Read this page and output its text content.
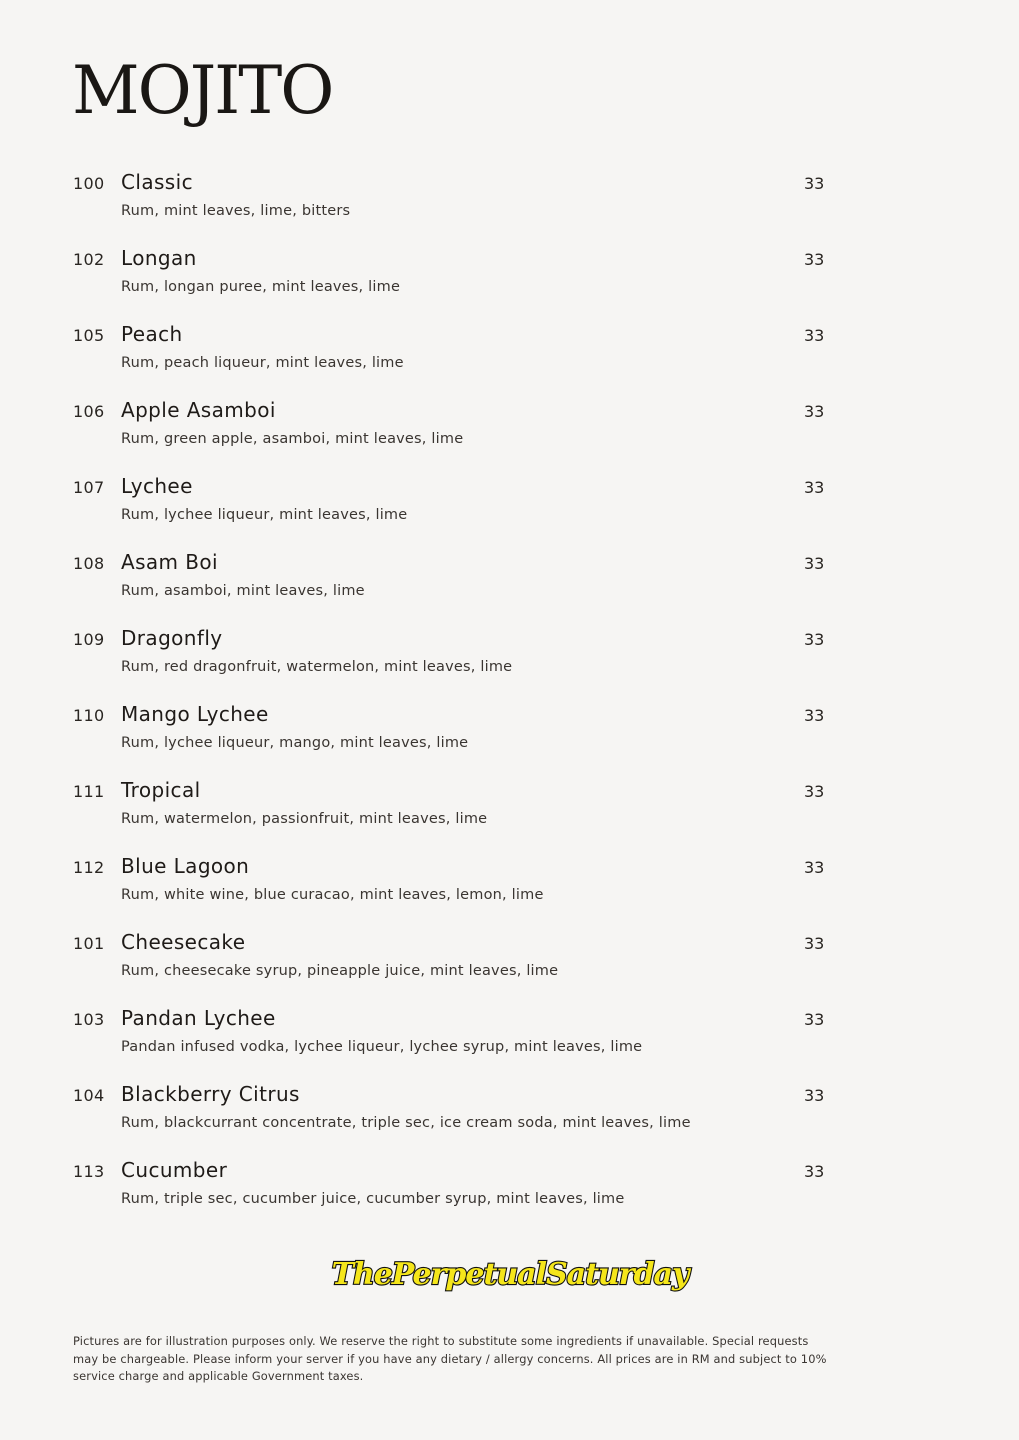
MOJITO
100 Classic	33
Rum, mint leaves, lime, bitters
102 Longan	33
Rum, longan puree, mint leaves, lime
105 Peach	33
Rum, peach liqueur, mint leaves, lime
106 Apple Asamboi	33
Rum, green apple, asamboi, mint leaves, lime
107 Lychee	33
Rum, lychee liqueur, mint leaves, lime
108 Asam Boi	33
Rum, asamboi, mint leaves, lime
109 Dragonfly	33
Rum, red dragonfruit, watermelon, mint leaves, lime
110 Mango Lychee	33
Rum, lychee liqueur, mango, mint leaves, lime
111 Tropical	33
Rum, watermelon, passionfruit, mint leaves, lime
112 Blue Lagoon	33
Rum, white wine, blue curacao, mint leaves, lemon, lime
101 Cheesecake	33
Rum, cheesecake syrup, pineapple juice, mint leaves, lime
103 Pandan Lychee	33
Pandan infused vodka, lychee liqueur, lychee syrup, mint leaves, lime
104 Blackberry Citrus	33
Rum, blackcurrant concentrate, triple sec, ice cream soda, mint leaves, lime
113 Cucumber	33
Rum, triple sec, cucumber juice, cucumber syrup, mint leaves, lime
ThePerpetualSaturday

Pictures are for illustration purposes only. We reserve the right to substitute some ingredients if unavailable. Special requests may be chargeable. Please inform your server if you have any dietary / allergy concerns. All prices are in RM and subject to 10% service charge and applicable Government taxes.
